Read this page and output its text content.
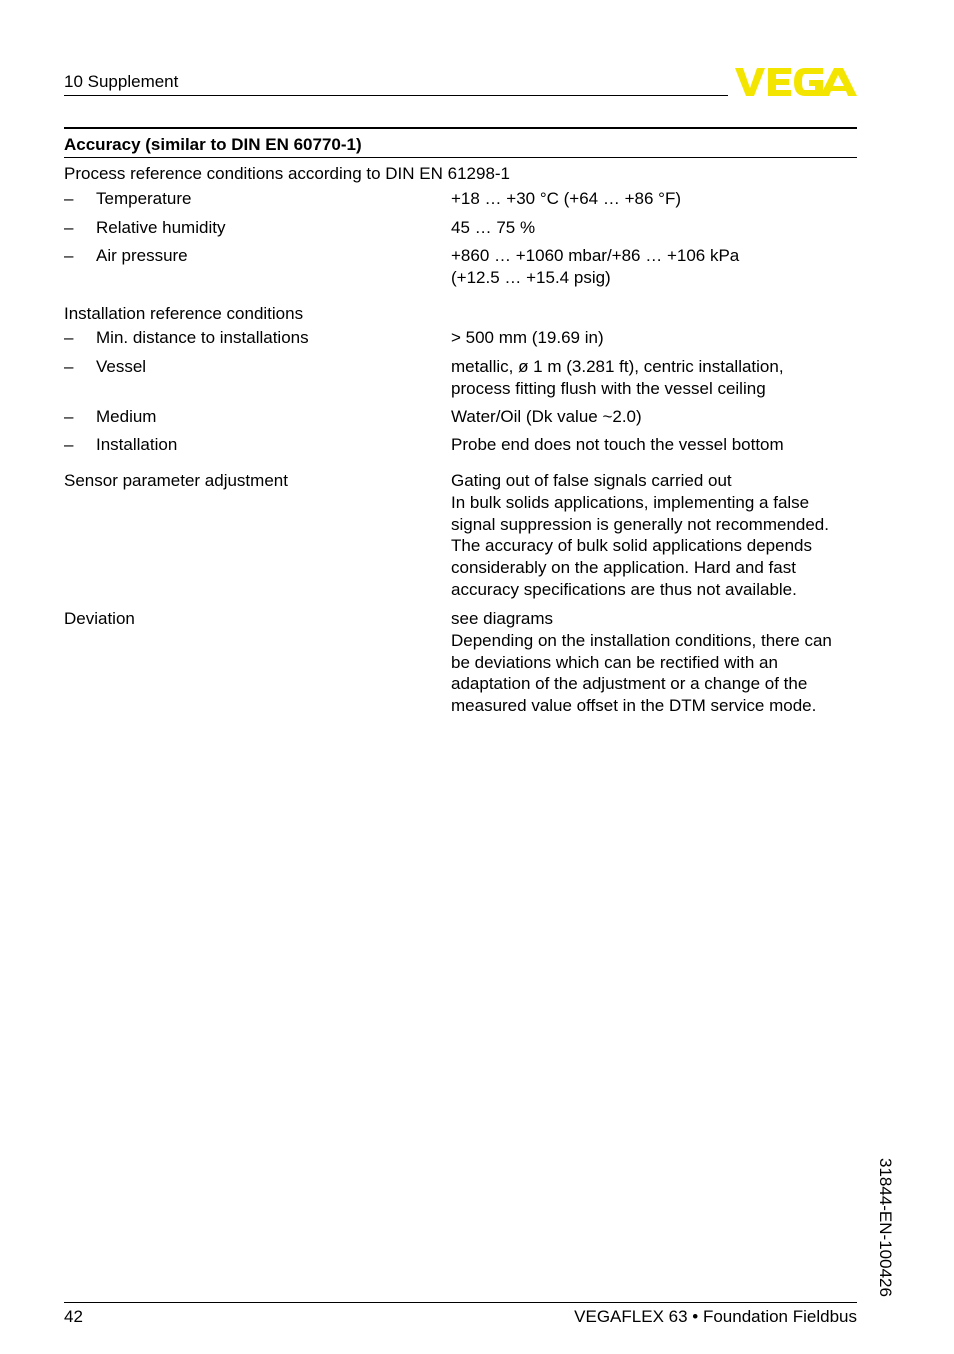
10 Supplement
Accuracy (similar to DIN EN 60770-1)
Process reference conditions according to DIN EN 61298-1
– Temperature	+18 … +30 °C (+64 … +86 °F)
– Relative humidity	45 … 75 %
– Air pressure	+860 … +1060 mbar/+86 … +106 kPa
(+12.5 … +15.4 psig)
Installation reference conditions
– Min. distance to installations	> 500 mm (19.69 in)
– Vessel	metallic, ø 1 m (3.281 ft), centric installation,
process fitting flush with the vessel ceiling
– Medium	Water/Oil (Dk value ~2.0)
– Installation	Probe end does not touch the vessel bottom
Sensor parameter adjustment	Gating out of false signals carried out
In bulk solids applications, implementing a false
signal suppression is generally not recommended.
The accuracy of bulk solid applications depends
considerably on the application. Hard and fast
accuracy specifications are thus not available.
Deviation	see diagrams
Depending on the installation conditions, there can
be deviations which can be rectified with an
adaptation of the adjustment or a change of the
measured value offset in the DTM service mode.
31844-EN-100426
42	VEGAFLEX 63 • Foundation Fieldbus
